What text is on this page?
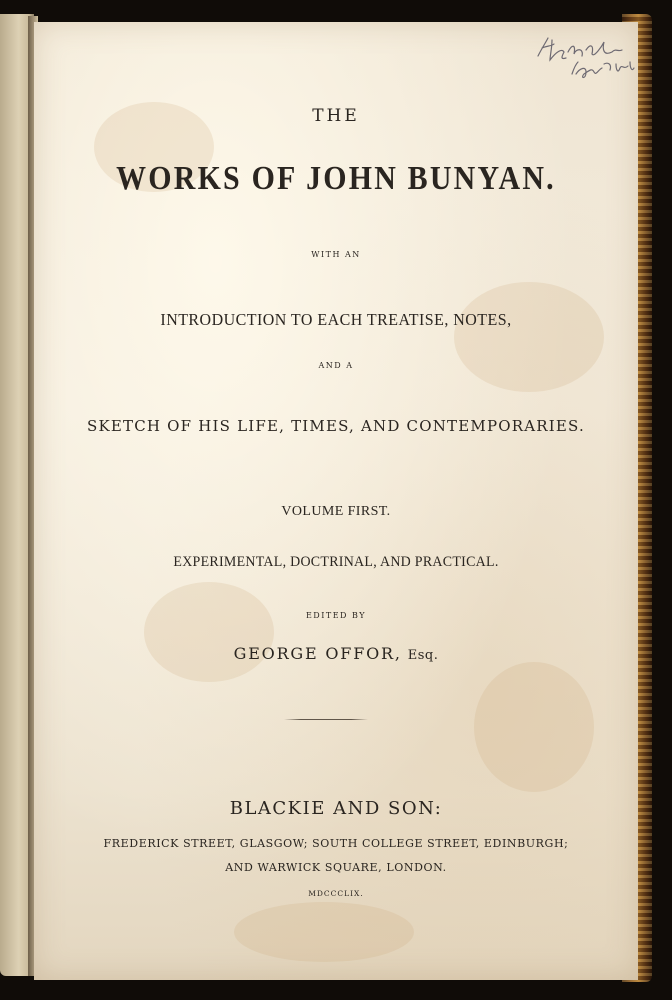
THE
WORKS OF JOHN BUNYAN.
WITH AN
INTRODUCTION TO EACH TREATISE, NOTES,
AND A
SKETCH OF HIS LIFE, TIMES, AND CONTEMPORARIES.
VOLUME FIRST.
EXPERIMENTAL, DOCTRINAL, AND PRACTICAL.
EDITED BY
GEORGE OFFOR, Esq.
BLACKIE AND SON:
FREDERICK STREET, GLASGOW; SOUTH COLLEGE STREET, EDINBURGH;
AND WARWICK SQUARE, LONDON.
MDCCCLIX.
